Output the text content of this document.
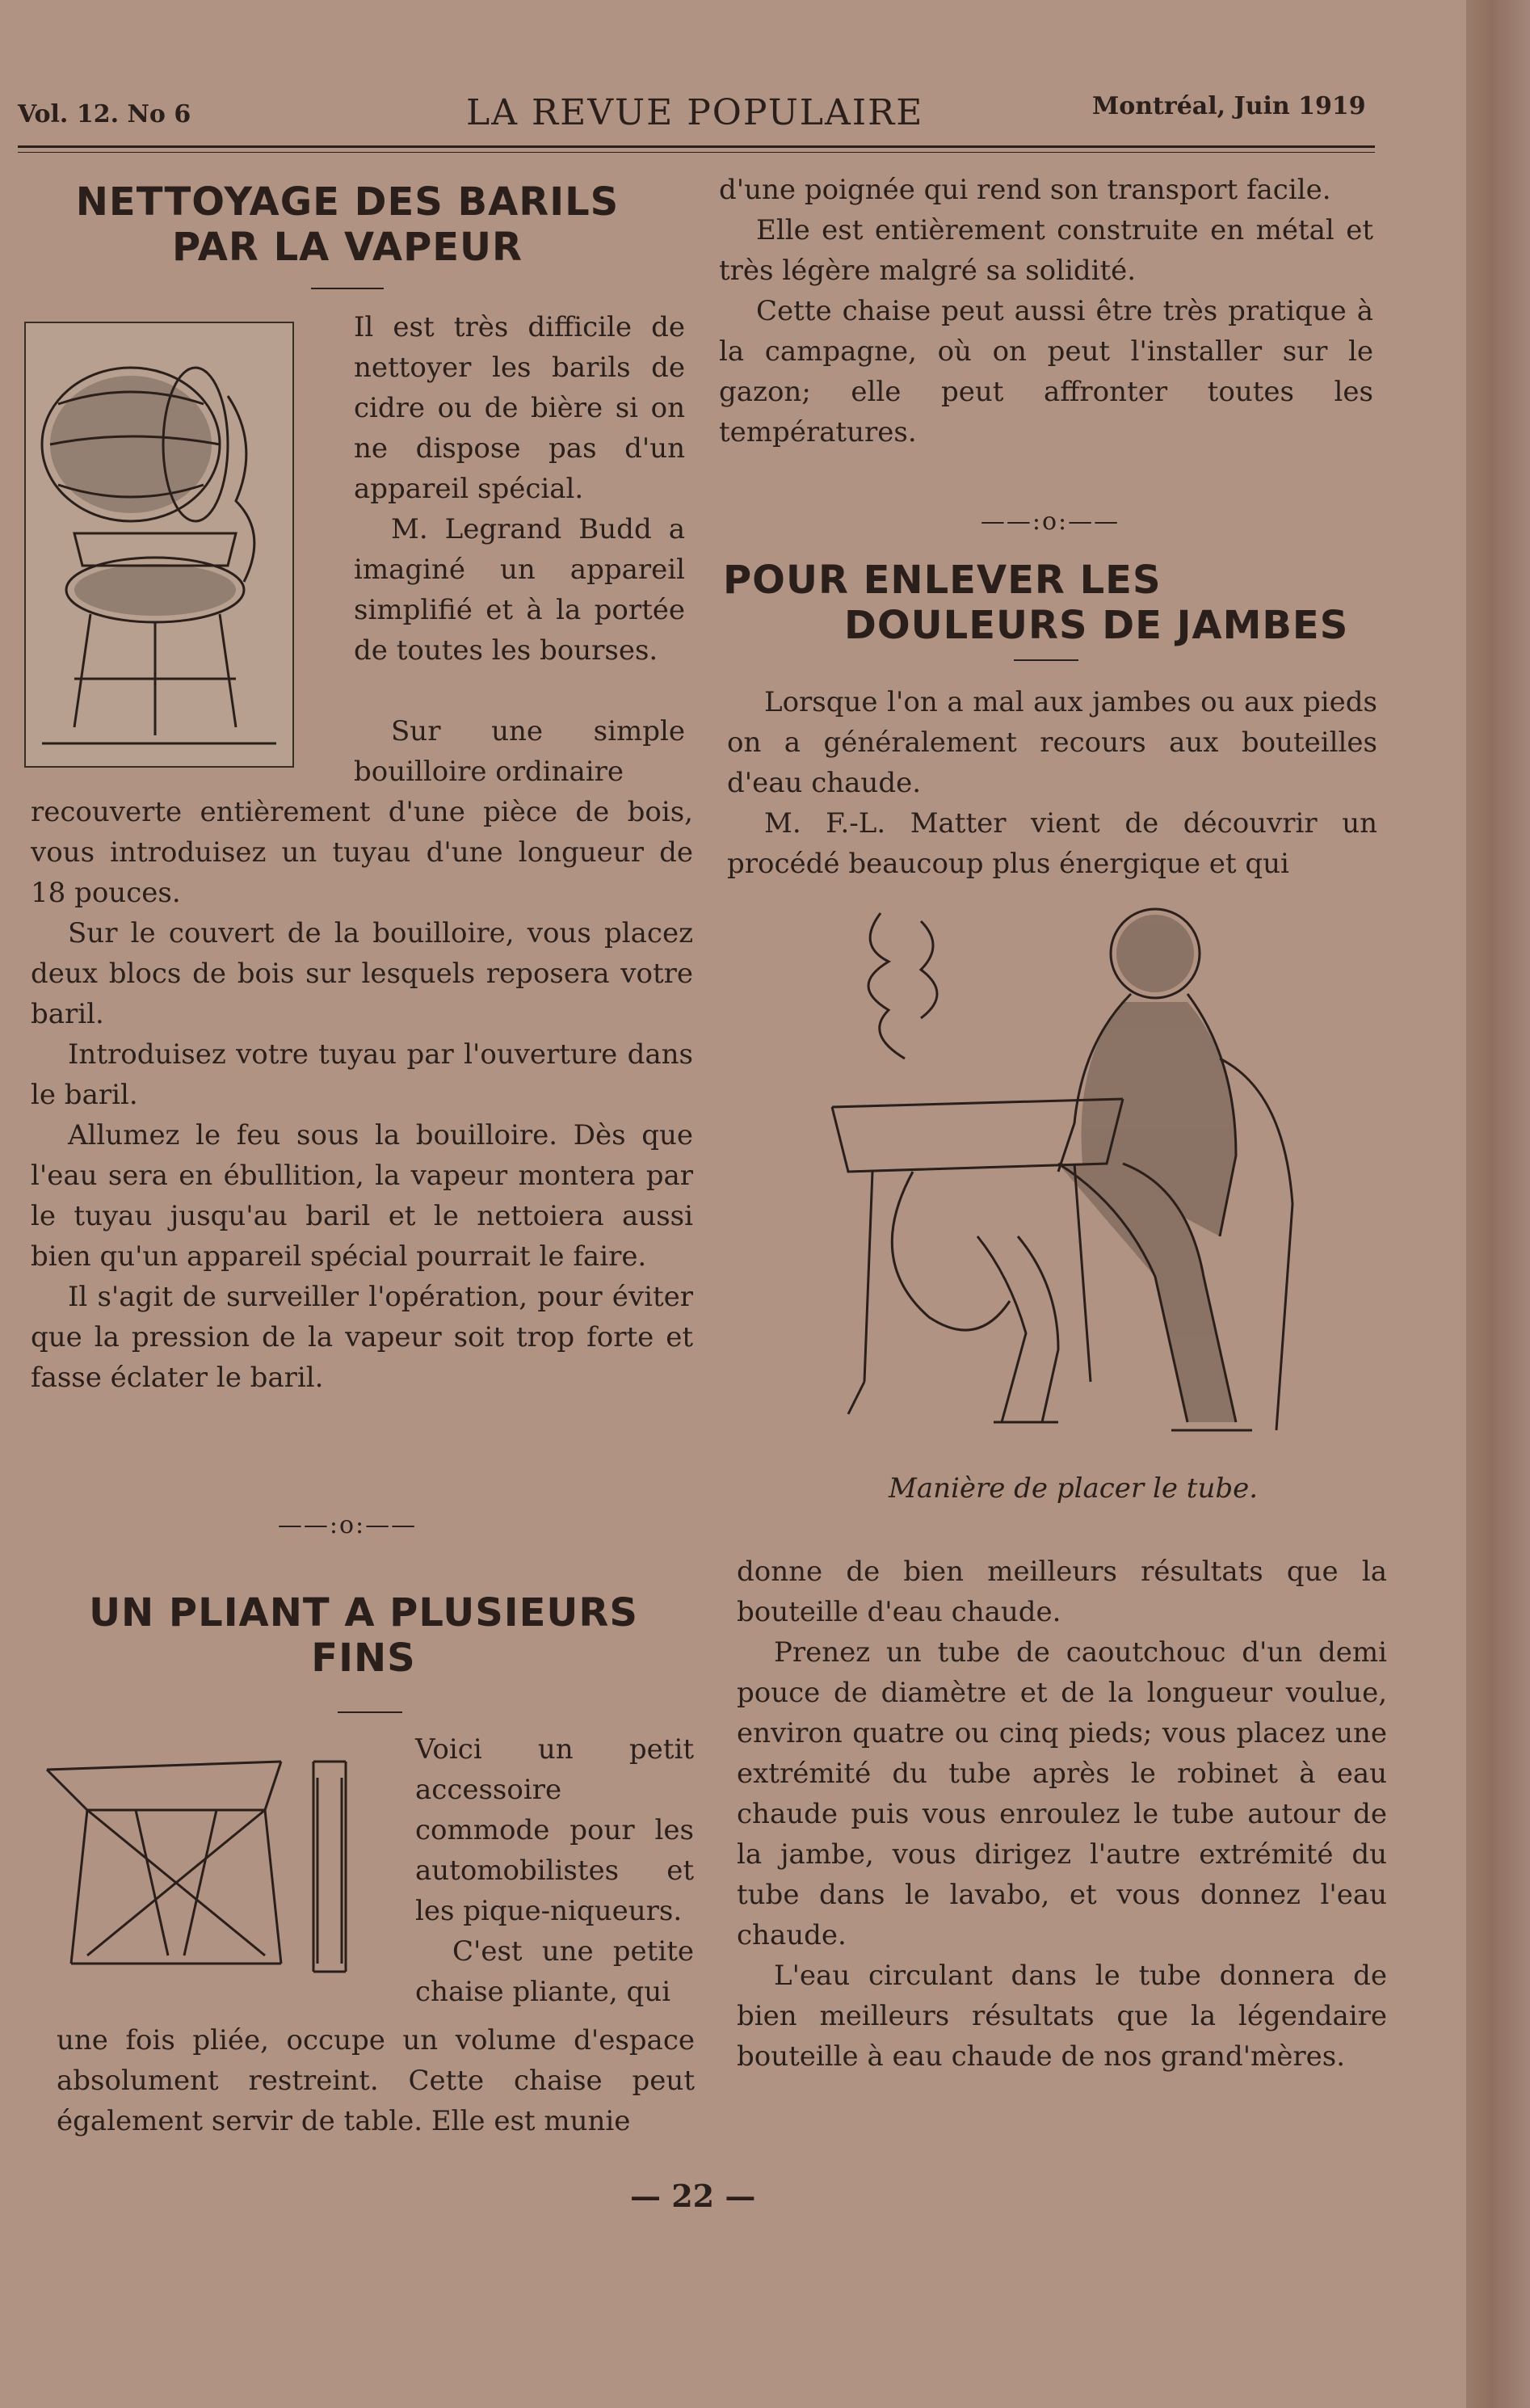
Vol. 12. No 6	LA REVUE POPULAIRE	Montréal, Juin 1919
NETTOYAGE DES BARILS
PAR LA VAPEUR

Il est très difficile de nettoyer les barils de cidre ou de bière si on ne dispose pas d'un appareil spécial.

M. Legrand Budd a imaginé un appareil simplifié et à la portée de toutes les bourses.

Sur une simple bouilloire ordinaire

recouverte entièrement d'une pièce de bois, vous introduisez un tuyau d'une longueur de 18 pouces.

Sur le couvert de la bouilloire, vous placez deux blocs de bois sur lesquels reposera votre baril.

Introduisez votre tuyau par l'ouverture dans le baril.

Allumez le feu sous la bouilloire. Dès que l'eau sera en ébullition, la vapeur montera par le tuyau jusqu'au baril et le nettoiera aussi bien qu'un appareil spécial pourrait le faire.

Il s'agit de surveiller l'opération, pour éviter que la pression de la vapeur soit trop forte et fasse éclater le baril.

——:o:——
UN PLIANT A PLUSIEURS
FINS

Voici un petit accessoire commode pour les automobilistes et les pique-niqueurs.

C'est une petite chaise pliante, qui

une fois pliée, occupe un volume d'espace absolument restreint. Cette chaise peut également servir de table. Elle est munie

d'une poignée qui rend son transport facile.

Elle est entièrement construite en métal et très légère malgré sa solidité.

Cette chaise peut aussi être très pratique à la campagne, où on peut l'installer sur le gazon; elle peut affronter toutes les températures.

——:o:——
POUR ENLEVER LES
DOULEURS DE JAMBES

Lorsque l'on a mal aux jambes ou aux pieds on a généralement recours aux bouteilles d'eau chaude.

M. F.-L. Matter vient de découvrir un procédé beaucoup plus énergique et qui

Manière de placer le tube.

donne de bien meilleurs résultats que la bouteille d'eau chaude.

Prenez un tube de caoutchouc d'un demi pouce de diamètre et de la longueur voulue, environ quatre ou cinq pieds; vous placez une extrémité du tube après le robinet à eau chaude puis vous enroulez le tube autour de la jambe, vous dirigez l'autre extrémité du tube dans le lavabo, et vous donnez l'eau chaude.

L'eau circulant dans le tube donnera de bien meilleurs résultats que la légendaire bouteille à eau chaude de nos grand'mères.

— 22 —
